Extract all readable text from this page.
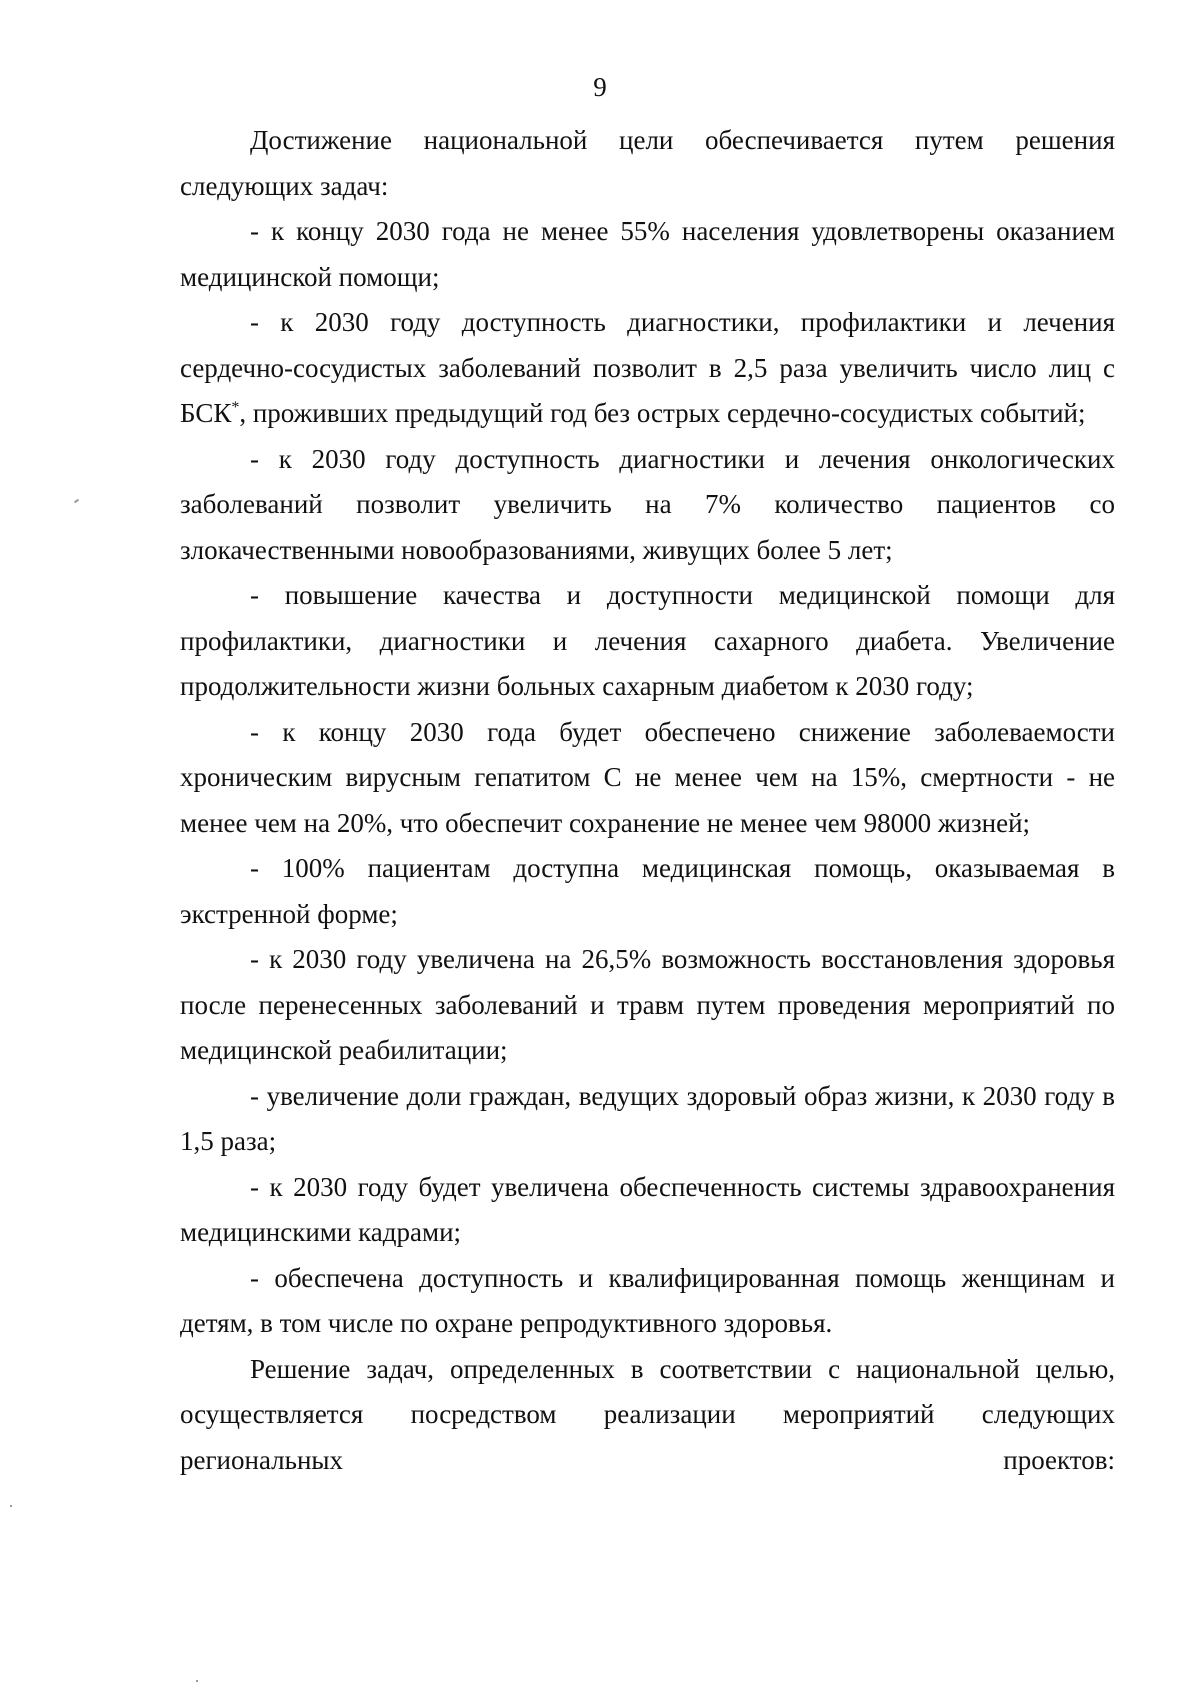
9

Достижение национальной цели обеспечивается путем решения следующих задач:

- к концу 2030 года не менее 55% населения удовлетворены оказанием медицинской помощи;

- к 2030 году доступность диагностики, профилактики и лечения сердечно-сосудистых заболеваний позволит в 2,5 раза увеличить число лиц с БСК*, проживших предыдущий год без острых сердечно-сосудистых событий;

- к 2030 году доступность диагностики и лечения онкологических заболеваний позволит увеличить на 7% количество пациентов со злокачественными новообразованиями, живущих более 5 лет;

- повышение качества и доступности медицинской помощи для профилактики, диагностики и лечения сахарного диабета. Увеличение продолжительности жизни больных сахарным диабетом к 2030 году;

- к концу 2030 года будет обеспечено снижение заболеваемости хроническим вирусным гепатитом С не менее чем на 15%, смертности - не менее чем на 20%, что обеспечит сохранение не менее чем 98000 жизней;

- 100% пациентам доступна медицинская помощь, оказываемая в экстренной форме;

- к 2030 году увеличена на 26,5% возможность восстановления здоровья после перенесенных заболеваний и травм путем проведения мероприятий по медицинской реабилитации;

- увеличение доли граждан, ведущих здоровый образ жизни, к 2030 году в 1,5 раза;

- к 2030 году будет увеличена обеспеченность системы здравоохранения медицинскими кадрами;

- обеспечена доступность и квалифицированная помощь женщинам и детям, в том числе по охране репродуктивного здоровья.

Решение задач, определенных в соответствии с национальной целью, осуществляется посредством реализации мероприятий следующих региональных проектов:
